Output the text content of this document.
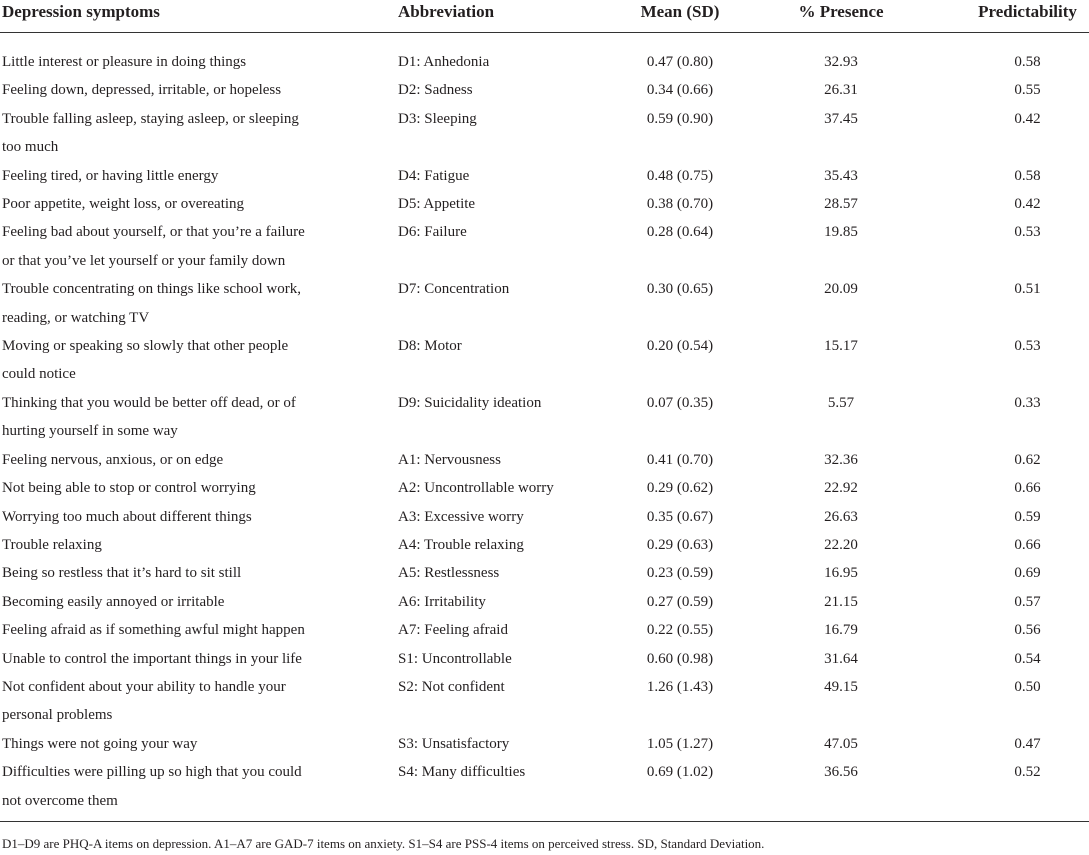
Depression symptoms	Abbreviation	Mean (SD)	% Presence	Predictability

Little interest or pleasure in doing things	D1: Anhedonia	0.47 (0.80)	32.93	0.58

Feeling down, depressed, irritable, or hopeless	D2: Sadness	0.34 (0.66)	26.31	0.55

Trouble falling asleep, staying asleep, or sleeping
too much	D3: Sleeping	0.59 (0.90)	37.45	0.42

Feeling tired, or having little energy	D4: Fatigue	0.48 (0.75)	35.43	0.58

Poor appetite, weight loss, or overeating	D5: Appetite	0.38 (0.70)	28.57	0.42

Feeling bad about yourself, or that you’re a failure
or that you’ve let yourself or your family down	D6: Failure	0.28 (0.64)	19.85	0.53

Trouble concentrating on things like school work,
reading, or watching TV	D7: Concentration	0.30 (0.65)	20.09	0.51

Moving or speaking so slowly that other people
could notice	D8: Motor	0.20 (0.54)	15.17	0.53

Thinking that you would be better off dead, or of
hurting yourself in some way	D9: Suicidality ideation	0.07 (0.35)	5.57	0.33

Feeling nervous, anxious, or on edge	A1: Nervousness	0.41 (0.70)	32.36	0.62

Not being able to stop or control worrying	A2: Uncontrollable worry	0.29 (0.62)	22.92	0.66

Worrying too much about different things	A3: Excessive worry	0.35 (0.67)	26.63	0.59

Trouble relaxing	A4: Trouble relaxing	0.29 (0.63)	22.20	0.66

Being so restless that it’s hard to sit still	A5: Restlessness	0.23 (0.59)	16.95	0.69

Becoming easily annoyed or irritable	A6: Irritability	0.27 (0.59)	21.15	0.57

Feeling afraid as if something awful might happen	A7: Feeling afraid	0.22 (0.55)	16.79	0.56

Unable to control the important things in your life	S1: Uncontrollable	0.60 (0.98)	31.64	0.54

Not confident about your ability to handle your
personal problems	S2: Not confident	1.26 (1.43)	49.15	0.50

Things were not going your way	S3: Unsatisfactory	1.05 (1.27)	47.05	0.47

Difficulties were pilling up so high that you could
not overcome them	S4: Many difficulties	0.69 (1.02)	36.56	0.52
D1–D9 are PHQ-A items on depression. A1–A7 are GAD-7 items on anxiety. S1–S4 are PSS-4 items on perceived stress. SD, Standard Deviation.
